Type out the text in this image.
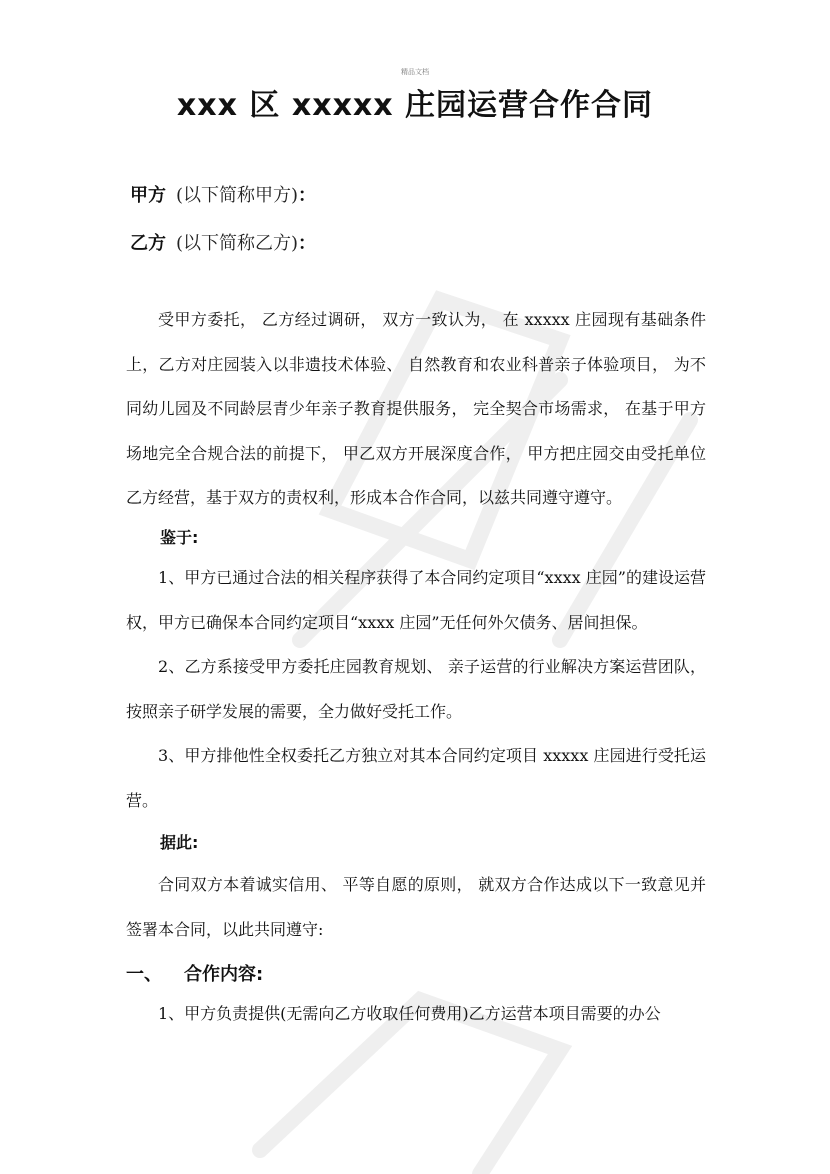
精品文档
xxx 区 xxxxx 庄园运营合作合同
甲方 (以下简称甲方)：
乙方 (以下简称乙方)：

受甲方委托， 乙方经过调研， 双方一致认为， 在 xxxxx 庄园现有基础条件上，乙方对庄园装入以非遗技术体验、 自然教育和农业科普亲子体验项目， 为不同幼儿园及不同龄层青少年亲子教育提供服务， 完全契合市场需求， 在基于甲方场地完全合规合法的前提下， 甲乙双方开展深度合作， 甲方把庄园交由受托单位乙方经营，基于双方的责权利，形成本合作合同，以兹共同遵守遵守。

鉴于:

1、甲方已通过合法的相关程序获得了本合同约定项目“xxxx 庄园”的建设运营权，甲方已确保本合同约定项目“xxxx 庄园”无任何外欠债务、居间担保。

2、乙方系接受甲方委托庄园教育规划、 亲子运营的行业解决方案运营团队，按照亲子研学发展的需要，全力做好受托工作。

3、甲方排他性全权委托乙方独立对其本合同约定项目 xxxxx 庄园进行受托运营。

据此:

合同双方本着诚实信用、 平等自愿的原则， 就双方合作达成以下一致意见并签署本合同，以此共同遵守:

一、 合作内容:

1、甲方负责提供(无需向乙方收取任何费用)乙方运营本项目需要的办公
